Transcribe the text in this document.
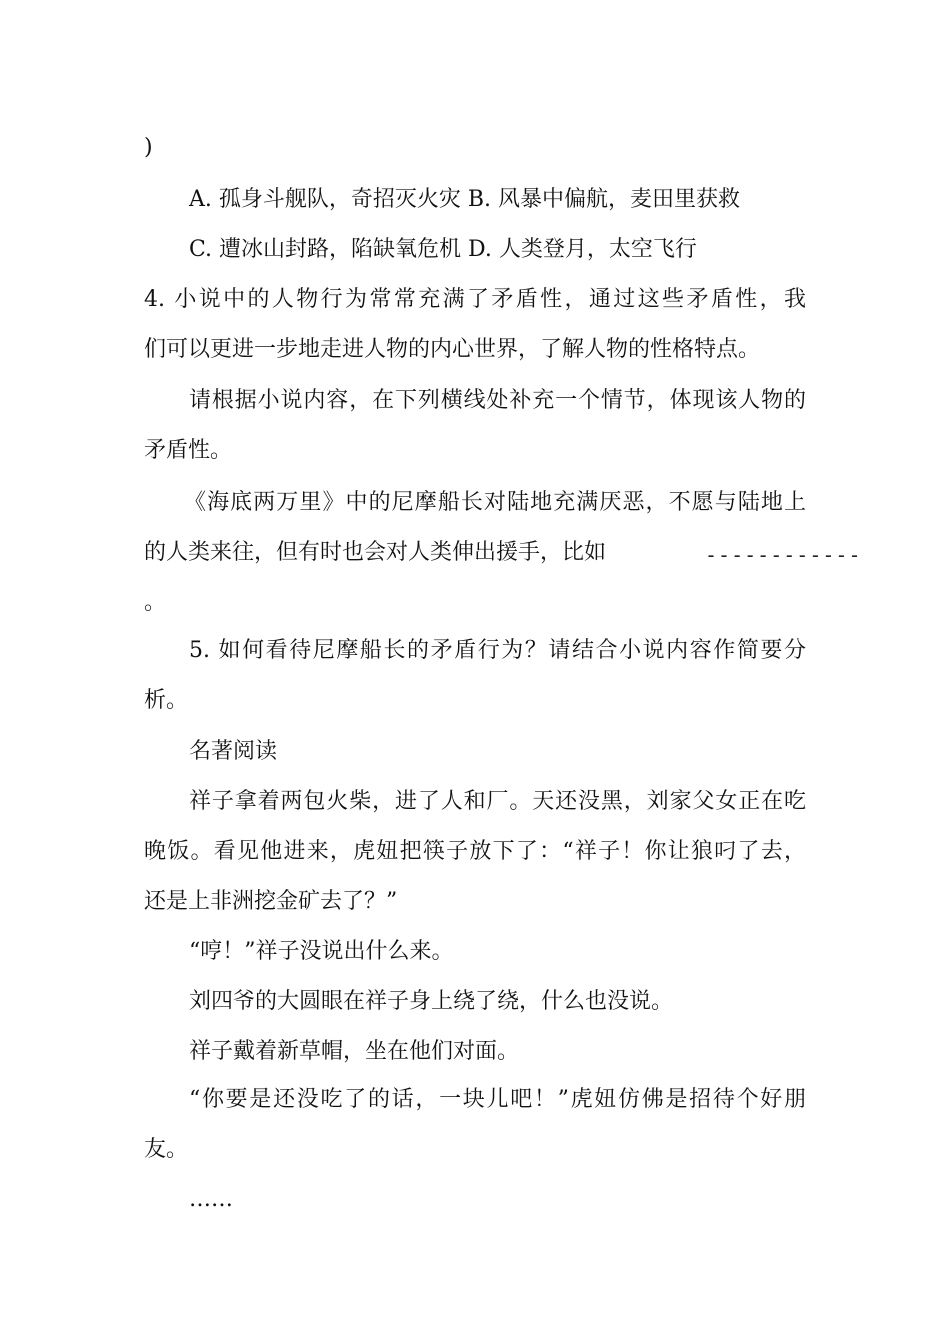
)

A. 孤身斗舰队，奇招灭火灾 B. 风暴中偏航，麦田里获救

C. 遭冰山封路，陷缺氧危机 D. 人类登月，太空飞行

4. 小说中的人物行为常常充满了矛盾性，通过这些矛盾性，我

们可以更进一步地走进人物的内心世界，了解人物的性格特点。

请根据小说内容，在下列横线处补充一个情节，体现该人物的

矛盾性。

《海底两万里》中的尼摩船长对陆地充满厌恶，不愿与陆地上

的人类来往，但有时也会对人类伸出援手，比如	------------

。

5. 如何看待尼摩船长的矛盾行为？请结合小说内容作简要分

析。

名著阅读

祥子拿着两包火柴，进了人和厂。天还没黑，刘家父女正在吃

晚饭。看见他进来，虎妞把筷子放下了：“祥子！你让狼叼了去，

还是上非洲挖金矿去了？”

“哼！”祥子没说出什么来。

刘四爷的大圆眼在祥子身上绕了绕，什么也没说。

祥子戴着新草帽，坐在他们对面。

“你要是还没吃了的话，一块儿吧！”虎妞仿佛是招待个好朋

友。

……
